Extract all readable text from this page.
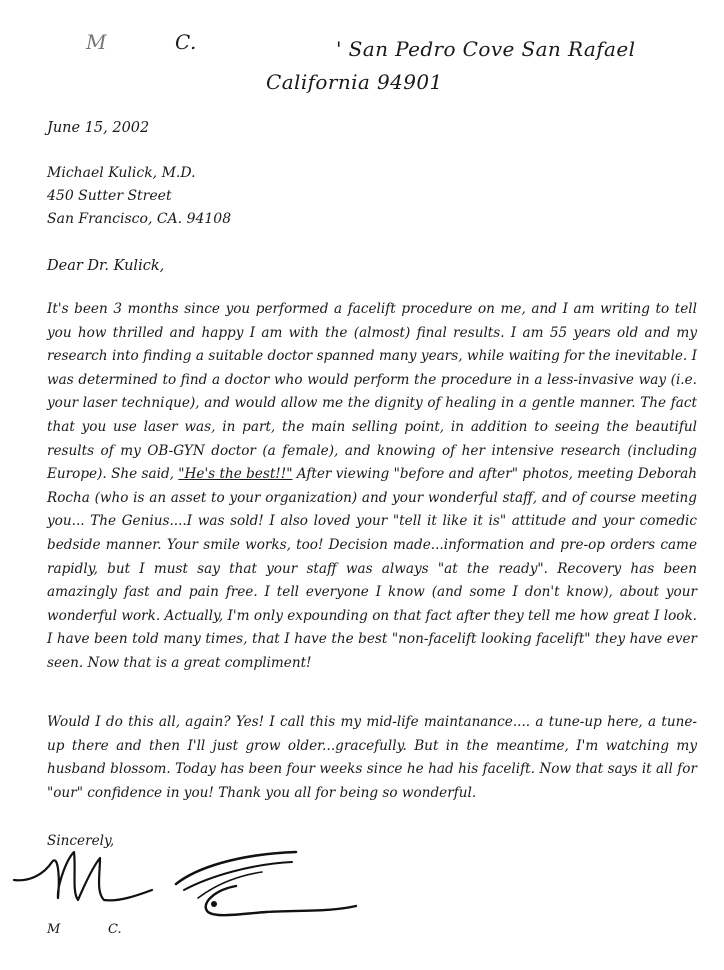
M	C.	' San Pedro Cove San Rafael
California 94901
June 15, 2002
Michael Kulick, M.D.
450 Sutter Street
San Francisco, CA. 94108
Dear Dr. Kulick,

It's been 3 months since you performed a facelift procedure on me, and I am writing to tell you how thrilled and happy I am with the (almost) final results. I am 55 years old and my research into finding a suitable doctor spanned many years, while waiting for the inevitable. I was determined to find a doctor who would perform the procedure in a less-invasive way (i.e. your laser technique), and would allow me the dignity of healing in a gentle manner. The fact that you use laser was, in part, the main selling point, in addition to seeing the beautiful results of my OB-GYN doctor (a female), and knowing of her intensive research (including Europe). She said, "He's the best!!" After viewing "before and after" photos, meeting Deborah Rocha (who is an asset to your organization) and your wonderful staff, and of course meeting you... The Genius....I was sold! I also loved your "tell it like it is" attitude and your comedic bedside manner. Your smile works, too! Decision made...information and pre-op orders came rapidly, but I must say that your staff was always "at the ready". Recovery has been amazingly fast and pain free. I tell everyone I know (and some I don't know), about your wonderful work. Actually, I'm only expounding on that fact after they tell me how great I look. I have been told many times, that I have the best "non-facelift looking facelift" they have ever seen. Now that is a great compliment!

Would I do this all, again? Yes! I call this my mid-life maintanance.... a tune-up here, a tune-up there and then I'll just grow older...gracefully. But in the meantime, I'm watching my husband blossom. Today has been four weeks since he had his facelift. Now that says it all for "our" confidence in you! Thank you all for being so wonderful.

Sincerely,
M	C.
